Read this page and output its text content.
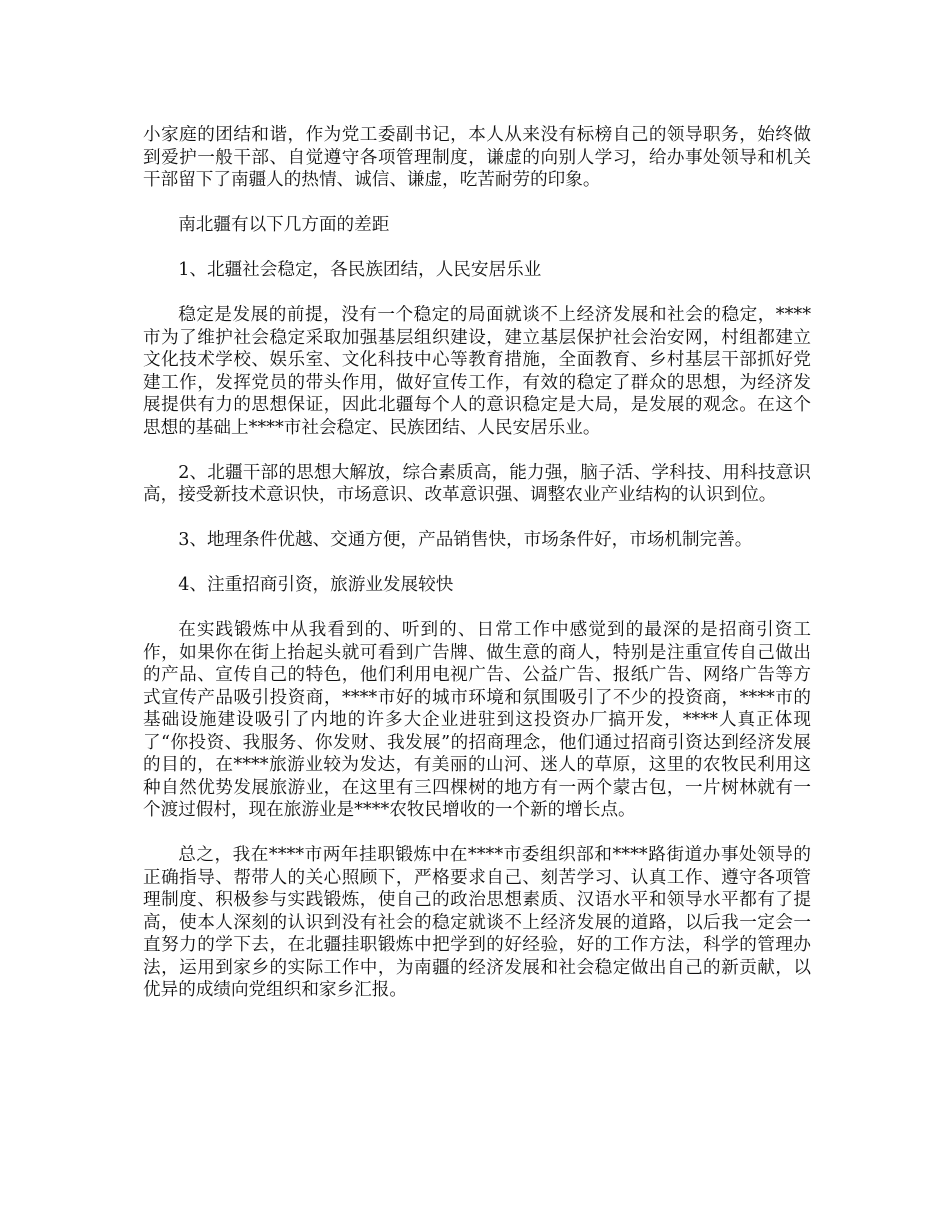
小家庭的团结和谐，作为党工委副书记，本人从来没有标榜自己的领导职务，始终做到爱护一般干部、自觉遵守各项管理制度，谦虚的向别人学习，给办事处领导和机关干部留下了南疆人的热情、诚信、谦虚，吃苦耐劳的印象。

南北疆有以下几方面的差距

1、北疆社会稳定，各民族团结，人民安居乐业

稳定是发展的前提，没有一个稳定的局面就谈不上经济发展和社会的稳定，****市为了维护社会稳定采取加强基层组织建设，建立基层保护社会治安网，村组都建立文化技术学校、娱乐室、文化科技中心等教育措施，全面教育、乡村基层干部抓好党建工作，发挥党员的带头作用，做好宣传工作，有效的稳定了群众的思想，为经济发展提供有力的思想保证，因此北疆每个人的意识稳定是大局，是发展的观念。在这个思想的基础上****市社会稳定、民族团结、人民安居乐业。

2、北疆干部的思想大解放，综合素质高，能力强，脑子活、学科技、用科技意识高，接受新技术意识快，市场意识、改革意识强、调整农业产业结构的认识到位。

3、地理条件优越、交通方便，产品销售快，市场条件好，市场机制完善。

4、注重招商引资，旅游业发展较快

在实践锻炼中从我看到的、听到的、日常工作中感觉到的最深的是招商引资工作，如果你在街上抬起头就可看到广告牌、做生意的商人，特别是注重宣传自己做出的产品、宣传自己的特色，他们利用电视广告、公益广告、报纸广告、网络广告等方式宣传产品吸引投资商，****市好的城市环境和氛围吸引了不少的投资商，****市的基础设施建设吸引了内地的许多大企业进驻到这投资办厂搞开发，****人真正体现了“你投资、我服务、你发财、我发展”的招商理念，他们通过招商引资达到经济发展的目的，在****旅游业较为发达，有美丽的山河、迷人的草原，这里的农牧民利用这种自然优势发展旅游业，在这里有三四棵树的地方有一两个蒙古包，一片树林就有一个渡过假村，现在旅游业是****农牧民增收的一个新的增长点。

总之，我在****市两年挂职锻炼中在****市委组织部和****路街道办事处领导的正确指导、帮带人的关心照顾下，严格要求自己、刻苦学习、认真工作、遵守各项管理制度、积极参与实践锻炼，使自己的政治思想素质、汉语水平和领导水平都有了提高，使本人深刻的认识到没有社会的稳定就谈不上经济发展的道路，以后我一定会一直努力的学下去，在北疆挂职锻炼中把学到的好经验，好的工作方法，科学的管理办法，运用到家乡的实际工作中，为南疆的经济发展和社会稳定做出自己的新贡献，以优异的成绩向党组织和家乡汇报。
